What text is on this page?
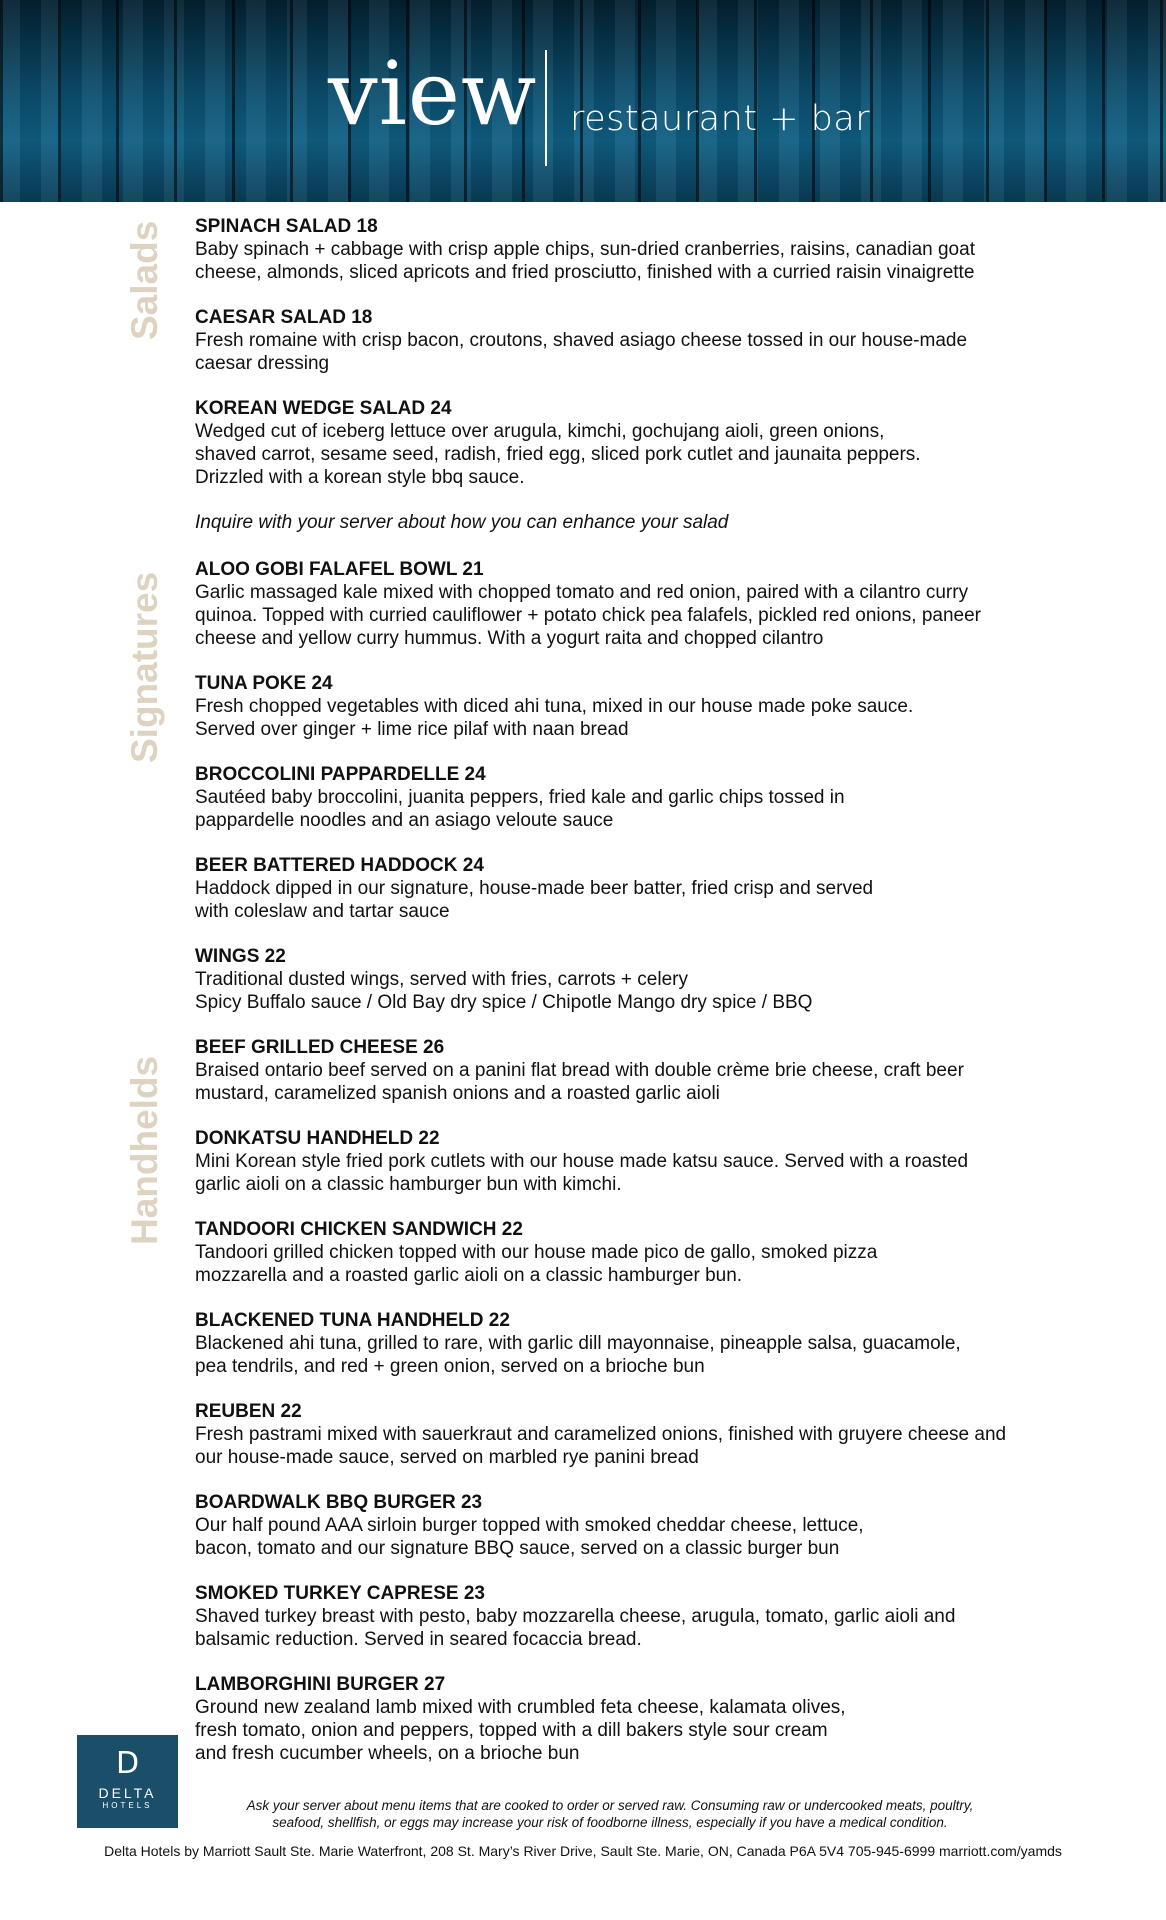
view restaurant + bar
Salads
Signatures
Handhelds
SPINACH SALAD 18
Baby spinach + cabbage with crisp apple chips, sun-dried cranberries, raisins, canadian goat
cheese, almonds, sliced apricots and fried prosciutto, finished with a curried raisin vinaigrette
CAESAR SALAD 18
Fresh romaine with crisp bacon, croutons, shaved asiago cheese tossed in our house-made
caesar dressing
KOREAN WEDGE SALAD 24
Wedged cut of iceberg lettuce over arugula, kimchi, gochujang aioli, green onions,
shaved carrot, sesame seed, radish, fried egg, sliced pork cutlet and jaunaita peppers.
Drizzled with a korean style bbq sauce.
Inquire with your server about how you can enhance your salad
ALOO GOBI FALAFEL BOWL 21
Garlic massaged kale mixed with chopped tomato and red onion, paired with a cilantro curry
quinoa. Topped with curried cauliflower + potato chick pea falafels, pickled red onions, paneer
cheese and yellow curry hummus. With a yogurt raita and chopped cilantro
TUNA POKE 24
Fresh chopped vegetables with diced ahi tuna, mixed in our house made poke sauce.
Served over ginger + lime rice pilaf with naan bread
BROCCOLINI PAPPARDELLE 24
Sautéed baby broccolini, juanita peppers, fried kale and garlic chips tossed in
pappardelle noodles and an asiago veloute sauce
BEER BATTERED HADDOCK 24
Haddock dipped in our signature, house-made beer batter, fried crisp and served
with coleslaw and tartar sauce
WINGS 22
Traditional dusted wings, served with fries, carrots + celery
Spicy Buffalo sauce / Old Bay dry spice / Chipotle Mango dry spice / BBQ
BEEF GRILLED CHEESE 26
Braised ontario beef served on a panini flat bread with double crème brie cheese, craft beer
mustard, caramelized spanish onions and a roasted garlic aioli
DONKATSU HANDHELD 22
Mini Korean style fried pork cutlets with our house made katsu sauce. Served with a roasted
garlic aioli on a classic hamburger bun with kimchi.
TANDOORI CHICKEN SANDWICH 22
Tandoori grilled chicken topped with our house made pico de gallo, smoked pizza
mozzarella and a roasted garlic aioli on a classic hamburger bun.
BLACKENED TUNA HANDHELD 22
Blackened ahi tuna, grilled to rare, with garlic dill mayonnaise, pineapple salsa, guacamole,
pea tendrils, and red + green onion, served on a brioche bun
REUBEN 22
Fresh pastrami mixed with sauerkraut and caramelized onions, finished with gruyere cheese and
our house-made sauce, served on marbled rye panini bread
BOARDWALK BBQ BURGER 23
Our half pound AAA sirloin burger topped with smoked cheddar cheese, lettuce,
bacon, tomato and our signature BBQ sauce, served on a classic burger bun
SMOKED TURKEY CAPRESE 23
Shaved turkey breast with pesto, baby mozzarella cheese, arugula, tomato, garlic aioli and
balsamic reduction. Served in seared focaccia bread.
LAMBORGHINI BURGER 27
Ground new zealand lamb mixed with crumbled feta cheese, kalamata olives,
fresh tomato, onion and peppers, topped with a dill bakers style sour cream
and fresh cucumber wheels, on a brioche bun
D
DELTA
HOTELS	Ask your server about menu items that are cooked to order or served raw. Consuming raw or undercooked meats, poultry,
seafood, shellfish, or eggs may increase your risk of foodborne illness, especially if you have a medical condition.
Delta Hotels by Marriott Sault Ste. Marie Waterfront, 208 St. Mary’s River Drive, Sault Ste. Marie, ON, Canada P6A 5V4 705-945-6999 marriott.com/yamds
